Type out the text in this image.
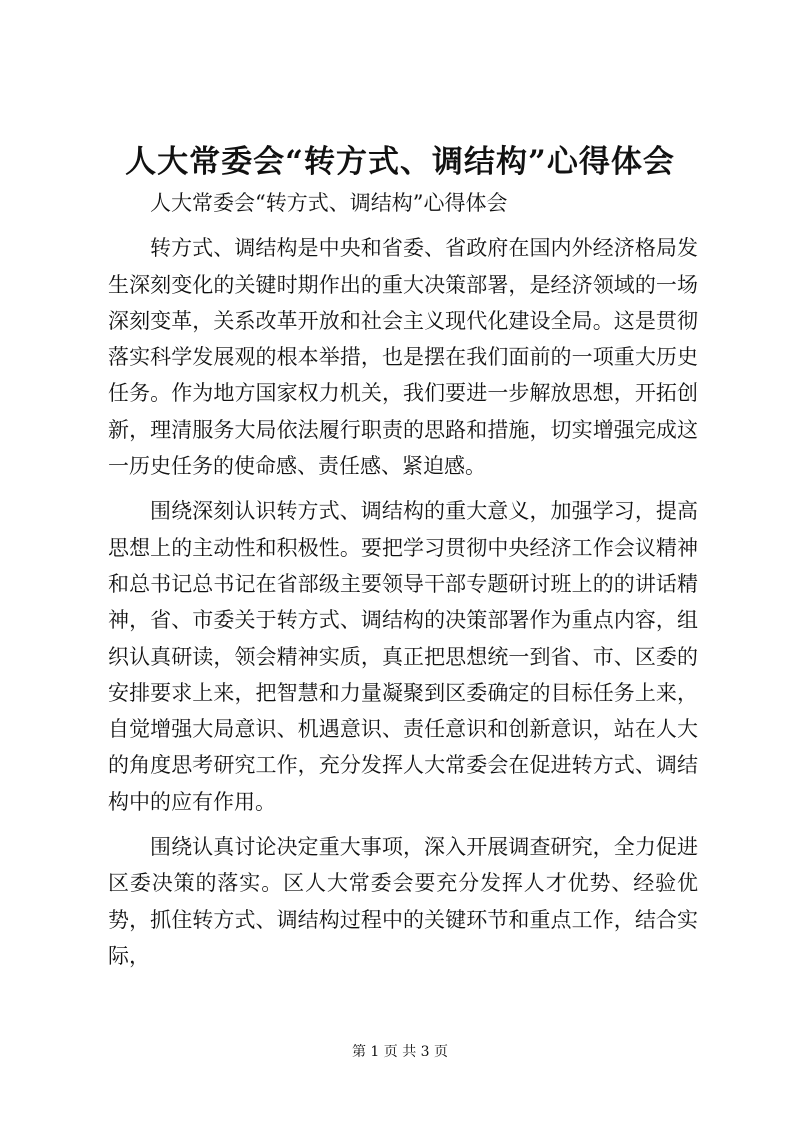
人大常委会“转方式、调结构”心得体会

人大常委会“转方式、调结构”心得体会

转方式、调结构是中央和省委、省政府在国内外经济格局发生深刻变化的关键时期作出的重大决策部署，是经济领域的一场深刻变革，关系改革开放和社会主义现代化建设全局。这是贯彻落实科学发展观的根本举措，也是摆在我们面前的一项重大历史任务。作为地方国家权力机关，我们要进一步解放思想，开拓创新，理清服务大局依法履行职责的思路和措施，切实增强完成这一历史任务的使命感、责任感、紧迫感。

围绕深刻认识转方式、调结构的重大意义，加强学习，提高思想上的主动性和积极性。要把学习贯彻中央经济工作会议精神和总书记总书记在省部级主要领导干部专题研讨班上的的讲话精神，省、市委关于转方式、调结构的决策部署作为重点内容，组织认真研读，领会精神实质，真正把思想统一到省、市、区委的安排要求上来，把智慧和力量凝聚到区委确定的目标任务上来，自觉增强大局意识、机遇意识、责任意识和创新意识，站在人大的角度思考研究工作，充分发挥人大常委会在促进转方式、调结构中的应有作用。

围绕认真讨论决定重大事项，深入开展调查研究，全力促进区委决策的落实。区人大常委会要充分发挥人才优势、经验优势，抓住转方式、调结构过程中的关键环节和重点工作，结合实际，

第 1 页 共 3 页
